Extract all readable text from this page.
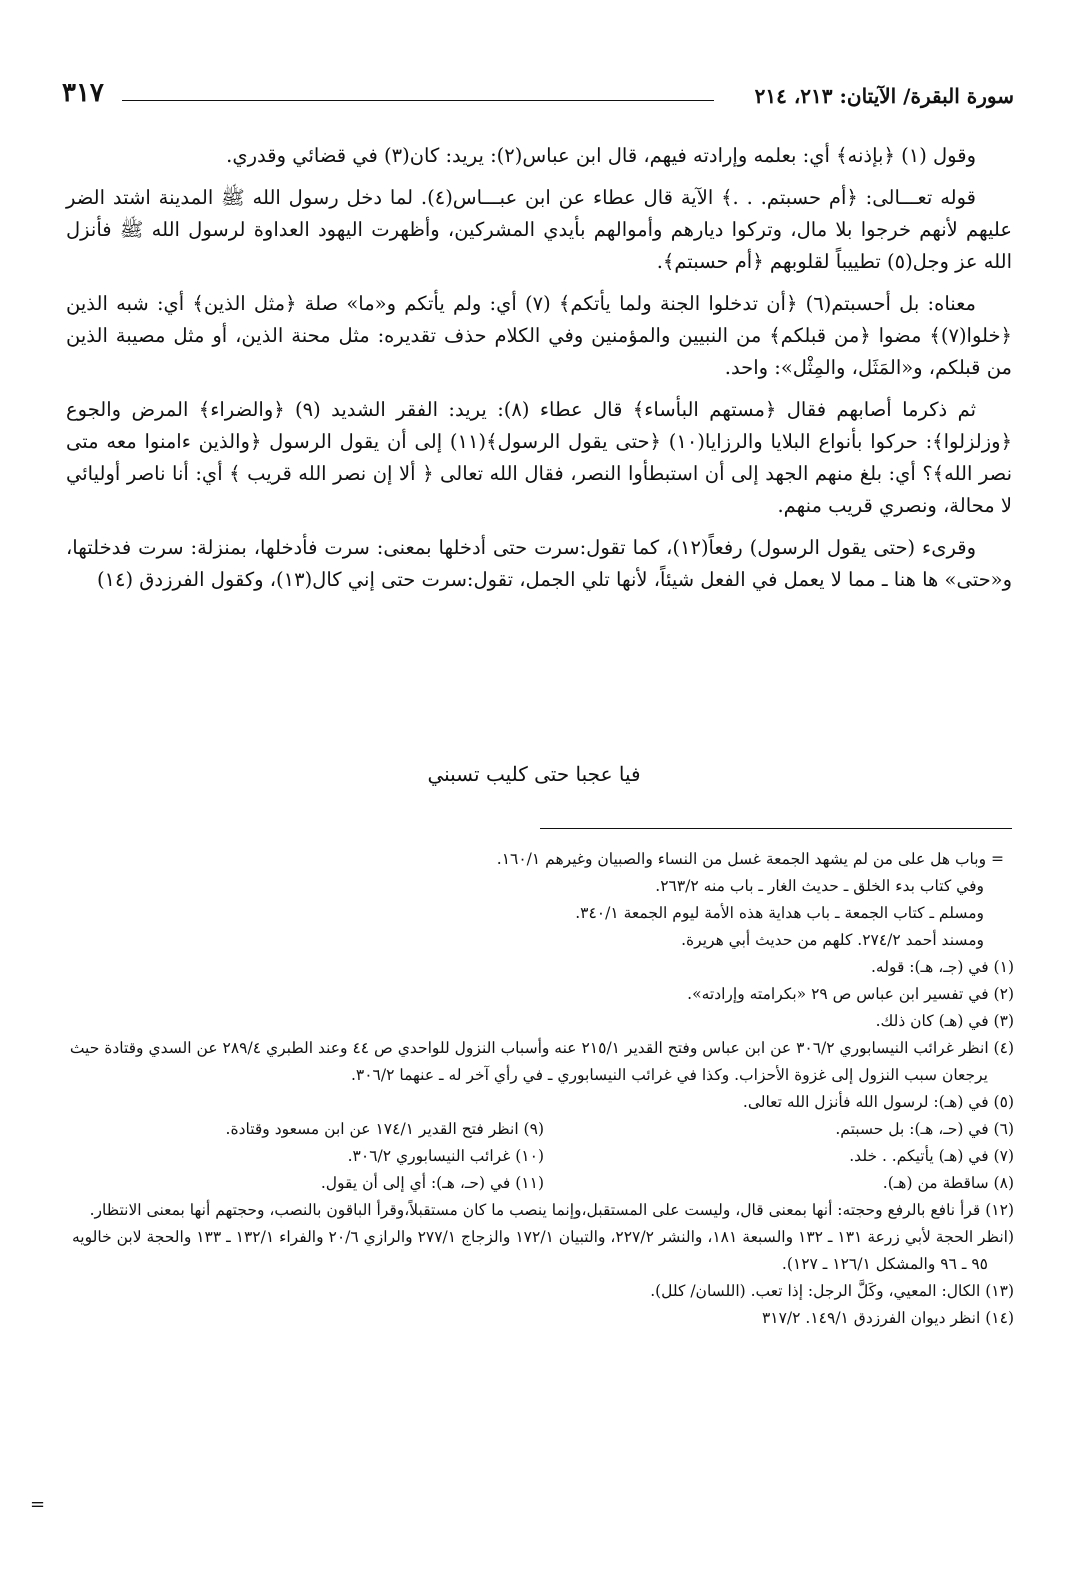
سورة البقرة/ الآيتان: ٢١٣، ٢١٤
٣١٧

وقول (١) ﴿بإذنه﴾ أي: بعلمه وإرادته فيهم، قال ابن عباس(٢): يريد: كان(٣) في قضائي وقدري.

قوله تعـــالى: ﴿أم حسبتم. . .﴾ الآية قال عطاء عن ابن عبـــاس(٤). لما دخل رسول الله ﷺ المدينة اشتد الضر عليهم لأنهم خرجوا بلا مال، وتركوا ديارهم وأموالهم بأيدي المشركين، وأظهرت اليهود العداوة لرسول الله ﷺ فأنزل الله عز وجل(٥) تطييباً لقلوبهم ﴿أم حسبتم﴾.

معناه: بل أحسبتم(٦) ﴿أن تدخلوا الجنة ولما يأتكم﴾ (٧) أي: ولم يأتكم و«ما» صلة ﴿مثل الذين﴾ أي: شبه الذين ﴿خلوا(٧)﴾ مضوا ﴿من قبلكم﴾ من النبيين والمؤمنين وفي الكلام حذف تقديره: مثل محنة الذين، أو مثل مصيبة الذين من قبلكم، و«المَثَل، والمِثْل»: واحد.

ثم ذكرما أصابهم فقال ﴿مستهم البأساء﴾ قال عطاء (٨): يريد: الفقر الشديد (٩) ﴿والضراء﴾ المرض والجوع ﴿وزلزلوا﴾: حركوا بأنواع البلايا والرزايا(١٠) ﴿حتى يقول الرسول﴾(١١) إلى أن يقول الرسول ﴿والذين ءامنوا معه متى نصر الله﴾؟ أي: بلغ منهم الجهد إلى أن استبطأوا النصر، فقال الله تعالى ﴿ ألا إن نصر الله قريب ﴾ أي: أنا ناصر أوليائي لا محالة، ونصري قريب منهم.

وقرىء (حتى يقول الرسول) رفعاً(١٢)، كما تقول:سرت حتى أدخلها بمعنى: سرت فأدخلها، بمنزلة: سرت فدخلتها، و«حتى» ها هنا ـ مما لا يعمل في الفعل شيئاً، لأنها تلي الجمل، تقول:سرت حتى إني كال(١٣)، وكقول الفرزدق (١٤)

فيا عجبا حتى كليب تسبني

= وباب هل على من لم يشهد الجمعة غسل من النساء والصبيان وغيرهم ١٦٠/١.

وفي كتاب بدء الخلق ـ حديث الغار ـ باب منه ٢٦٣/٢.

ومسلم ـ كتاب الجمعة ـ باب هداية هذه الأمة ليوم الجمعة ٣٤٠/١.

ومسند أحمد ٢٧٤/٢. كلهم من حديث أبي هريرة.

(١) في (جـ، هـ): قوله.

(٢) في تفسير ابن عباس ص ٢٩ «بكرامته وإرادته».

(٣) في (هـ) كان ذلك.

(٤) انظر غرائب النيسابوري ٣٠٦/٢ عن ابن عباس وفتح القدير ٢١٥/١ عنه وأسباب النزول للواحدي ص ٤٤ وعند الطبري ٢٨٩/٤ عن السدي وقتادة حيث يرجعان سبب النزول إلى غزوة الأحزاب. وكذا في غرائب النيسابوري ـ في رأي آخر له ـ عنهما ٣٠٦/٢.

(٥) في (هـ): لرسول الله فأنزل الله تعالى.

(٦) في (حـ، هـ): بل حسبتم.

(٧) في (هـ) يأتيكم. . خلد.

(٨) ساقطة من (هـ).

(٩) انظر فتح القدير ١٧٤/١ عن ابن مسعود وقتادة.

(١٠) غرائب النيسابوري ٣٠٦/٢.

(١١) في (حـ، هـ): أي إلى أن يقول.

(١٢) قرأ نافع بالرفع وحجته: أنها بمعنى قال، وليست على المستقبل،وإنما ينصب ما كان مستقبلاً،وقرأ الباقون بالنصب، وحجتهم أنها بمعنى الانتظار.

(انظر الحجة لأبي زرعة ١٣١ ـ ١٣٢ والسبعة ١٨١، والنشر ٢٢٧/٢، والتبيان ١٧٢/١ والزجاج ٢٧٧/١ والرازي ٢٠/٦ والفراء ١٣٢/١ ـ ١٣٣ والحجة لابن خالويه ٩٥ ـ ٩٦ والمشكل ١٢٦/١ ـ ١٢٧).

(١٣) الكال: المعيي، وكَلَّ الرجل: إذا تعب. (اللسان/ كلل).

(١٤) انظر ديوان الفرزدق ١٤٩/١. ٣١٧/٢

=
